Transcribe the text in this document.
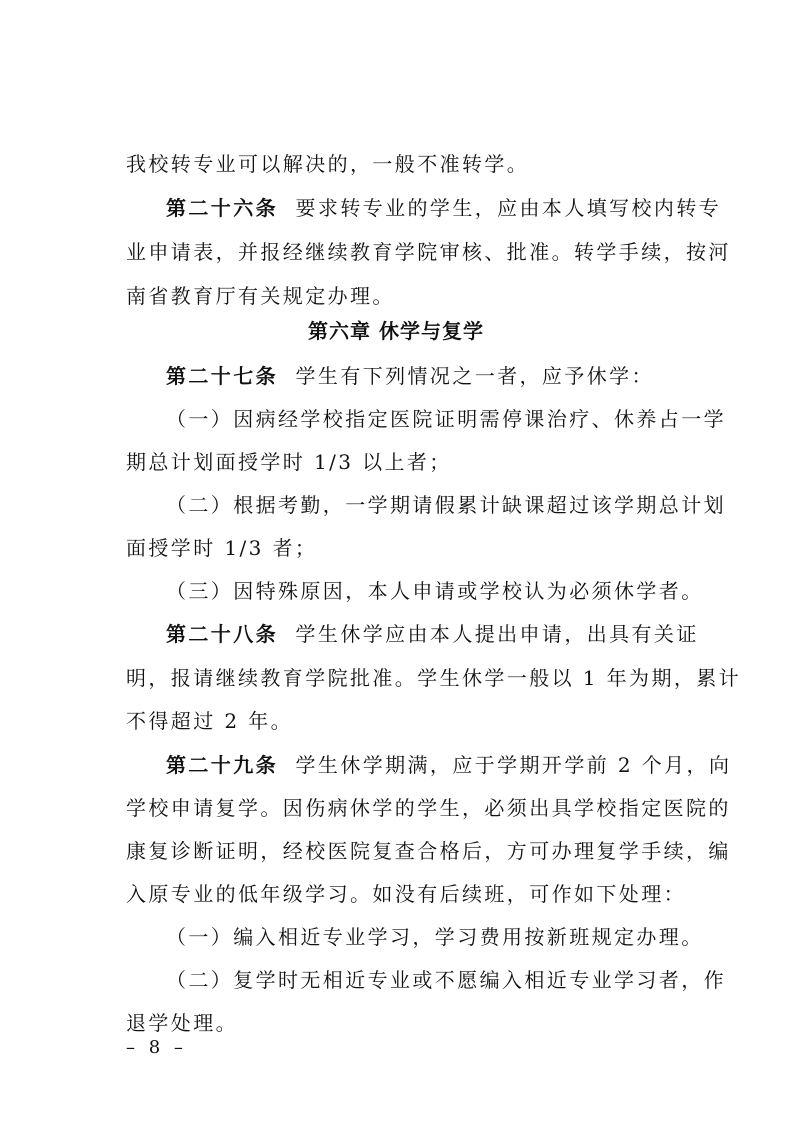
我校转专业可以解决的，一般不准转学。
第二十六条 要求转专业的学生，应由本人填写校内转专
业申请表，并报经继续教育学院审核、批准。转学手续，按河
南省教育厅有关规定办理。
第六章 休学与复学
第二十七条 学生有下列情况之一者，应予休学：
（一）因病经学校指定医院证明需停课治疗、休养占一学
期总计划面授学时 1/3 以上者；
（二）根据考勤，一学期请假累计缺课超过该学期总计划
面授学时 1/3 者；
（三）因特殊原因，本人申请或学校认为必须休学者。
第二十八条 学生休学应由本人提出申请，出具有关证
明，报请继续教育学院批准。学生休学一般以 1 年为期，累计
不得超过 2 年。
第二十九条 学生休学期满，应于学期开学前 2 个月，向
学校申请复学。因伤病休学的学生，必须出具学校指定医院的
康复诊断证明，经校医院复查合格后，方可办理复学手续，编
入原专业的低年级学习。如没有后续班，可作如下处理：
（一）编入相近专业学习，学习费用按新班规定办理。
（二）复学时无相近专业或不愿编入相近专业学习者，作
退学处理。
– 8 –
